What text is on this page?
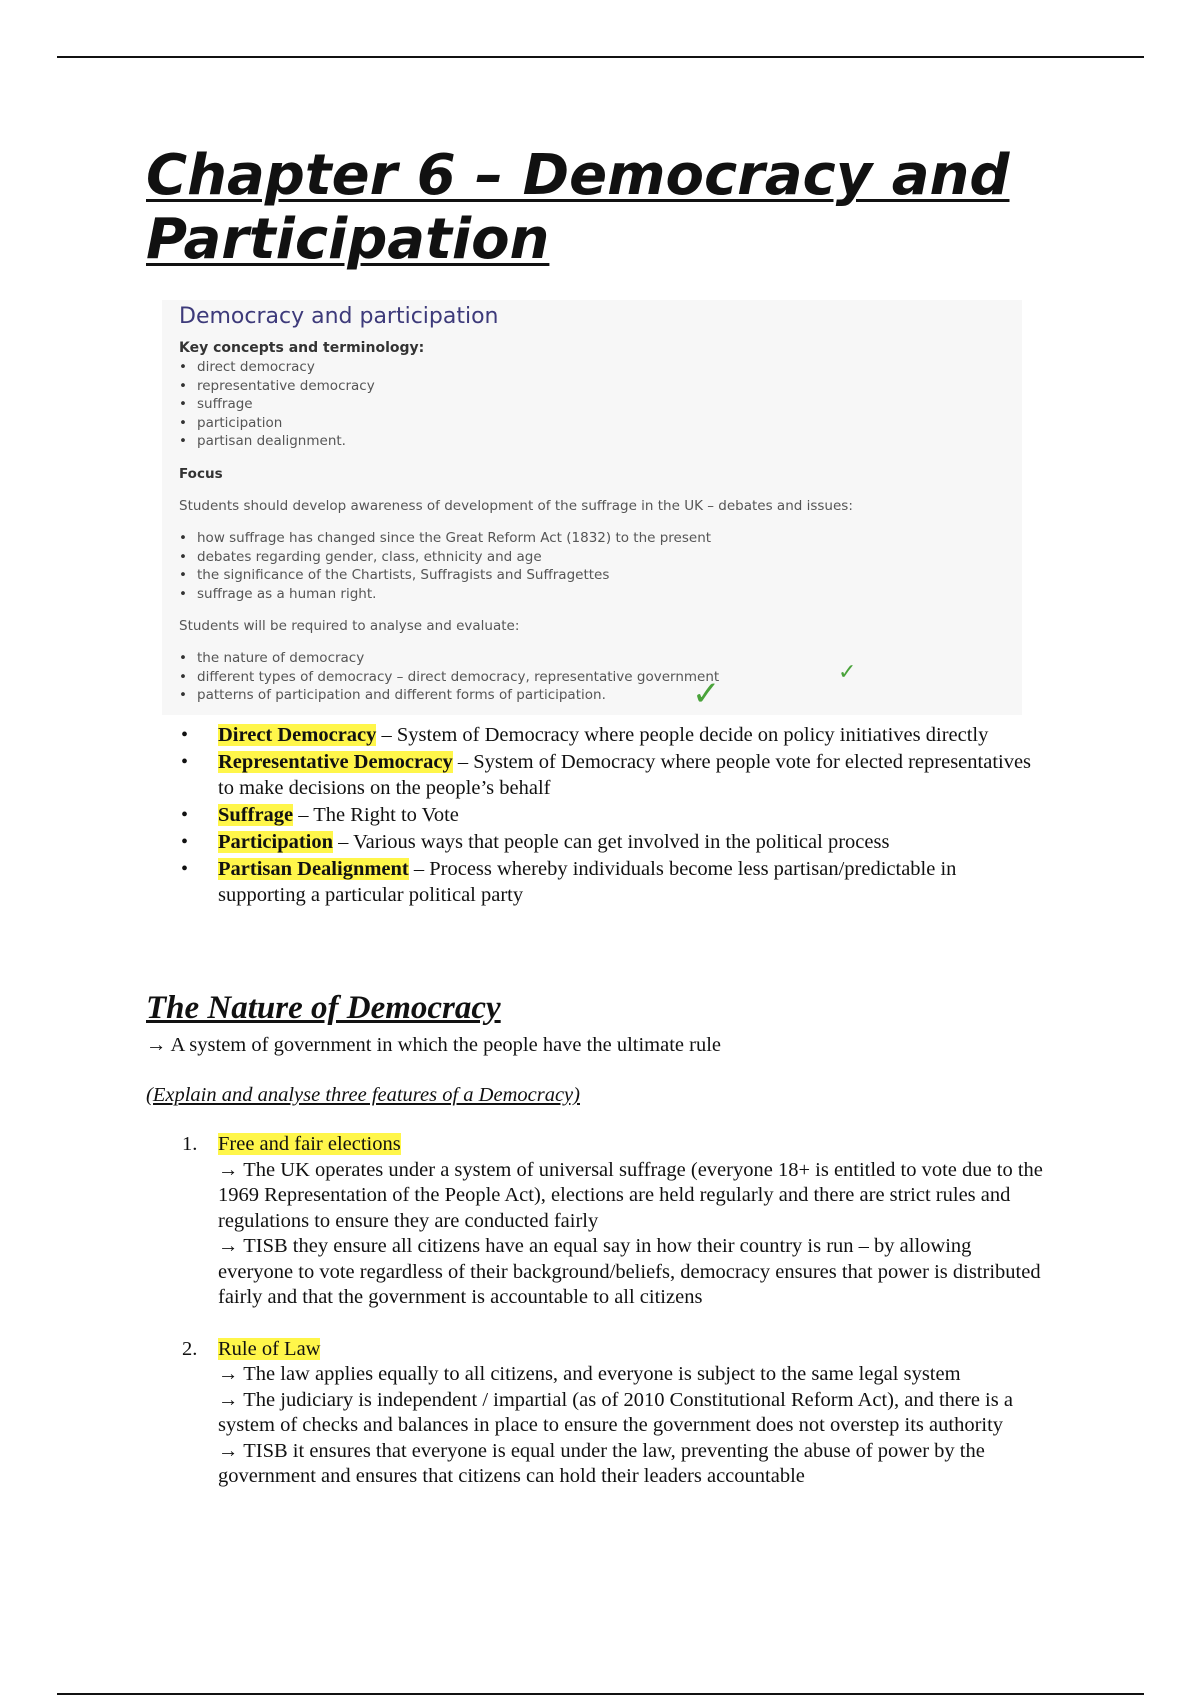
Chapter 6 – Democracy and
Participation
Democracy and participation
Key concepts and terminology:
• direct democracy
• representative democracy
• suffrage
• participation
• partisan dealignment.
Focus
Students should develop awareness of development of the suffrage in the UK – debates and issues:
• how suffrage has changed since the Great Reform Act (1832) to the present
• debates regarding gender, class, ethnicity and age
• the significance of the Chartists, Suffragists and Suffragettes
• suffrage as a human right.
Students will be required to analyse and evaluate:
• the nature of democracy
• different types of democracy – direct democracy, representative government
• patterns of participation and different forms of participation.
✓
✓
• Direct Democracy – System of Democracy where people decide on policy initiatives directly
• Representative Democracy – System of Democracy where people vote for elected representatives to make decisions on the people’s behalf
• Suffrage – The Right to Vote
• Participation – Various ways that people can get involved in the political process
• Partisan Dealignment – Process whereby individuals become less partisan/predictable in supporting a particular political party
The Nature of Democracy
→ A system of government in which the people have the ultimate rule
(Explain and analyse three features of a Democracy)
1. Free and fair elections
→ The UK operates under a system of universal suffrage (everyone 18+ is entitled to vote due to the 1969 Representation of the People Act), elections are held regularly and there are strict rules and regulations to ensure they are conducted fairly
→ TISB they ensure all citizens have an equal say in how their country is run – by allowing everyone to vote regardless of their background/beliefs, democracy ensures that power is distributed fairly and that the government is accountable to all citizens
2. Rule of Law
→ The law applies equally to all citizens, and everyone is subject to the same legal system
→ The judiciary is independent / impartial (as of 2010 Constitutional Reform Act), and there is a system of checks and balances in place to ensure the government does not overstep its authority
→ TISB it ensures that everyone is equal under the law, preventing the abuse of power by the government and ensures that citizens can hold their leaders accountable
